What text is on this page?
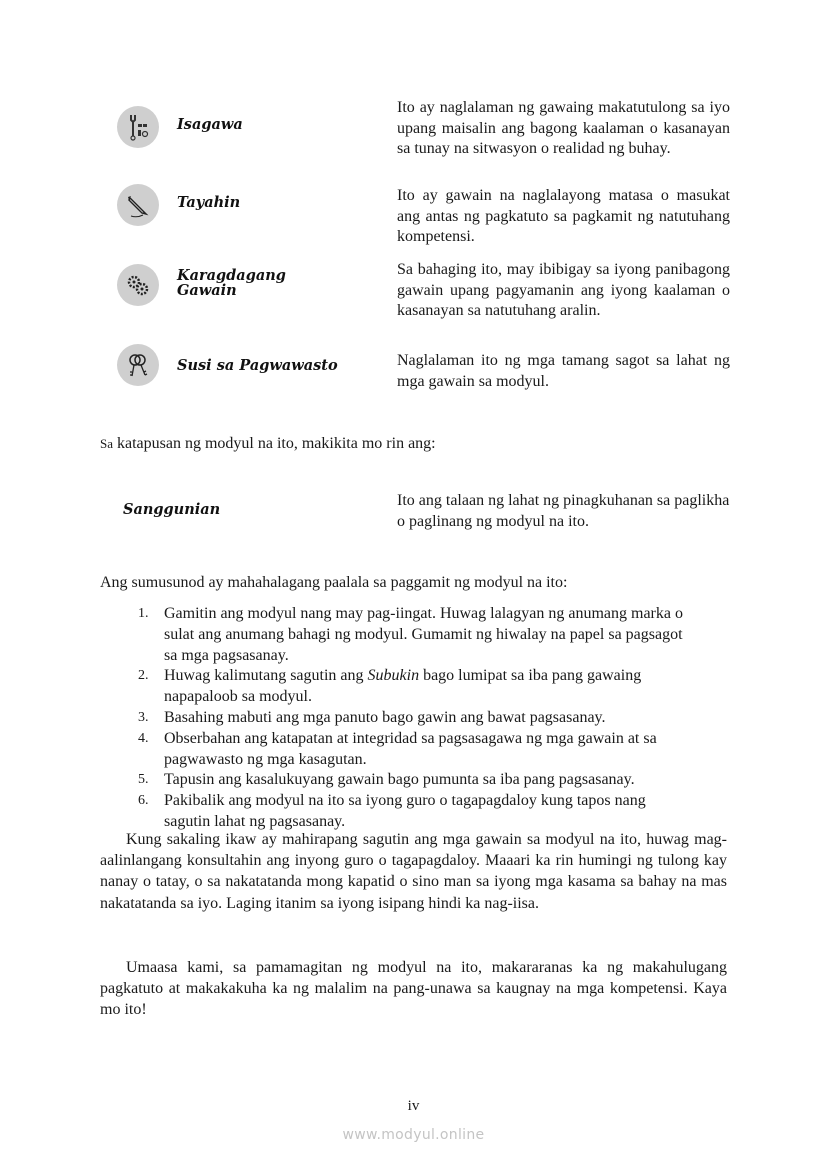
Isagawa
Ito ay naglalaman ng gawaing makatutulong sa iyo upang maisalin ang bagong kaalaman o kasanayan sa tunay na sitwasyon o realidad ng buhay.
Tayahin	Ito ay gawain na naglalayong matasa o masukat ang antas ng pagkatuto sa pagkamit ng natutuhang kompetensi.
Karagdagang
Gawain
Sa bahaging ito, may ibibigay sa iyong panibagong gawain upang pagyamanin ang iyong kaalaman o kasanayan sa natutuhang aralin.
Susi sa Pagwawasto	Naglalaman ito ng mga tamang sagot sa lahat ng mga gawain sa modyul.
Sa katapusan ng modyul na ito, makikita mo rin ang:
Sanggunian
Ito ang talaan ng lahat ng pinagkuhanan sa paglikha o paglinang ng modyul na ito.
Ang sumusunod ay mahahalagang paalala sa paggamit ng modyul na ito:
1. Gamitin ang modyul nang may pag-iingat. Huwag lalagyan ng anumang marka o sulat ang anumang bahagi ng modyul. Gumamit ng hiwalay na papel sa pagsagot sa mga pagsasanay.
2. Huwag kalimutang sagutin ang Subukin bago lumipat sa iba pang gawaing napapaloob sa modyul.
3. Basahing mabuti ang mga panuto bago gawin ang bawat pagsasanay.
4. Obserbahan ang katapatan at integridad sa pagsasagawa ng mga gawain at sa pagwawasto ng mga kasagutan.
5. Tapusin ang kasalukuyang gawain bago pumunta sa iba pang pagsasanay.
6. Pakibalik ang modyul na ito sa iyong guro o tagapagdaloy kung tapos nang sagutin lahat ng pagsasanay.

Kung sakaling ikaw ay mahirapang sagutin ang mga gawain sa modyul na ito, huwag mag-aalinlangang konsultahin ang inyong guro o tagapagdaloy. Maaari ka rin humingi ng tulong kay nanay o tatay, o sa nakatatanda mong kapatid o sino man sa iyong mga kasama sa bahay na mas nakatatanda sa iyo. Laging itanim sa iyong isipang hindi ka nag-iisa.

Umaasa kami, sa pamamagitan ng modyul na ito, makararanas ka ng makahulugang pagkatuto at makakakuha ka ng malalim na pang-unawa sa kaugnay na mga kompetensi. Kaya mo ito!

iv
www.modyul.online
